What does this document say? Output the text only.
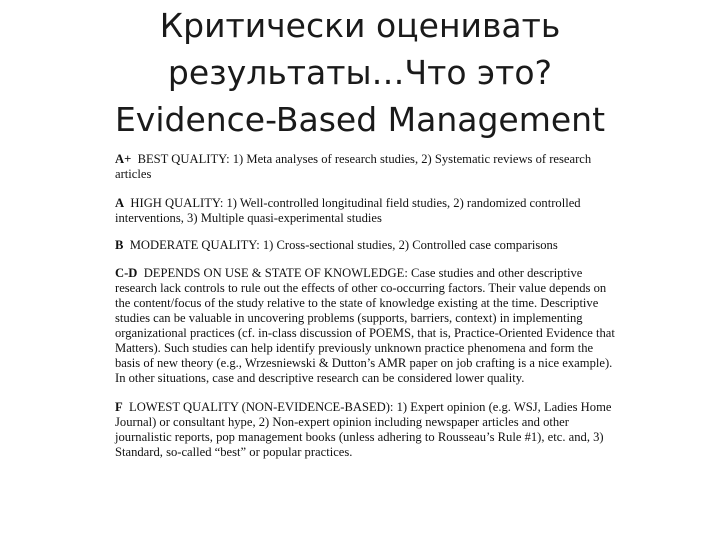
Критически оценивать
результаты…Что это?
Evidence-Based Management

A+ BEST QUALITY: 1) Meta analyses of research studies, 2) Systematic reviews of research articles

A HIGH QUALITY: 1) Well-controlled longitudinal field studies, 2) randomized controlled interventions, 3) Multiple quasi-experimental studies

B MODERATE QUALITY: 1) Cross-sectional studies, 2) Controlled case comparisons

C-D DEPENDS ON USE & STATE OF KNOWLEDGE: Case studies and other descriptive research lack controls to rule out the effects of other co-occurring factors. Their value depends on the content/focus of the study relative to the state of knowledge existing at the time. Descriptive studies can be valuable in uncovering problems (supports, barriers, context) in implementing organizational practices (cf. in-class discussion of POEMS, that is, Practice-Oriented Evidence that Matters). Such studies can help identify previously unknown practice phenomena and form the basis of new theory (e.g., Wrzesniewski & Dutton’s AMR paper on job crafting is a nice example). In other situations, case and descriptive research can be considered lower quality.

F LOWEST QUALITY (NON-EVIDENCE-BASED): 1) Expert opinion (e.g. WSJ, Ladies Home Journal) or consultant hype, 2) Non-expert opinion including newspaper articles and other journalistic reports, pop management books (unless adhering to Rousseau’s Rule #1), etc. and, 3) Standard, so-called “best” or popular practices.
